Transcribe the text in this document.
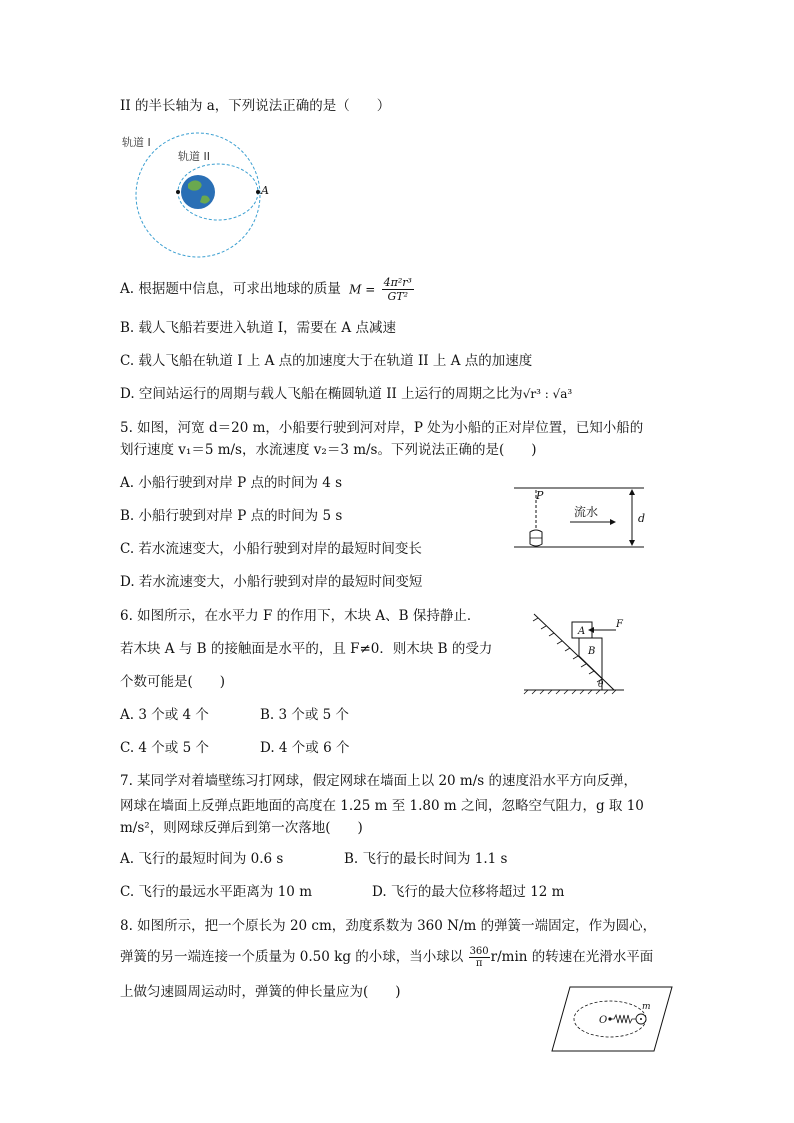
II 的半长轴为 a，下列说法正确的是（　　）
轨道 I
轨道 II
A
A. 根据题中信息，可求出地球的质量 $M = \frac{\text{4π²r³}}{\text{GT²}}$
B. 载人飞船若要进入轨道 I，需要在 A 点减速
C. 载人飞船在轨道 I 上 A 点的加速度大于在轨道 II 上 A 点的加速度
D. 空间站运行的周期与载人飞船在椭圆轨道 II 上运行的周期之比为√r³ : √a³
5. 如图，河宽 d＝20 m，小船要行驶到河对岸，P 处为小船的正对岸位置，已知小船的
划行速度 v₁＝5 m/s，水流速度 v₂＝3 m/s。下列说法正确的是(　　)
A. 小船行驶到对岸 P 点的时间为 4 s
B. 小船行驶到对岸 P 点的时间为 5 s
C. 若水流速变大，小船行驶到对岸的最短时间变长
D. 若水流速变大，小船行驶到对岸的最短时间变短
P
流水	d
6. 如图所示，在水平力 F 的作用下，木块 A、B 保持静止．
若木块 A 与 B 的接触面是水平的，且 F≠0．则木块 B 的受力
个数可能是(　　)
A. 3 个或 4 个	B. 3 个或 5 个
C. 4 个或 5 个	D. 4 个或 6 个
A
B
F
θ
7. 某同学对着墙壁练习打网球，假定网球在墙面上以 20 m/s 的速度沿水平方向反弹，
网球在墙面上反弹点距地面的高度在 1.25 m 至 1.80 m 之间，忽略空气阻力，g 取 10
m/s²，则网球反弹后到第一次落地(　　)
A. 飞行的最短时间为 0.6 s	B. 飞行的最长时间为 1.1 s
C. 飞行的最远水平距离为 10 m	D. 飞行的最大位移将超过 12 m
8. 如图所示，把一个原长为 20 cm，劲度系数为 360 N/m 的弹簧一端固定，作为圆心，
弹簧的另一端连接一个质量为 0.50 kg 的小球，当小球以 $\frac{360}{\pi} r/\min$ 的转速在光滑水平面
上做匀速圆周运动时，弹簧的伸长量应为(　　)
O
m
